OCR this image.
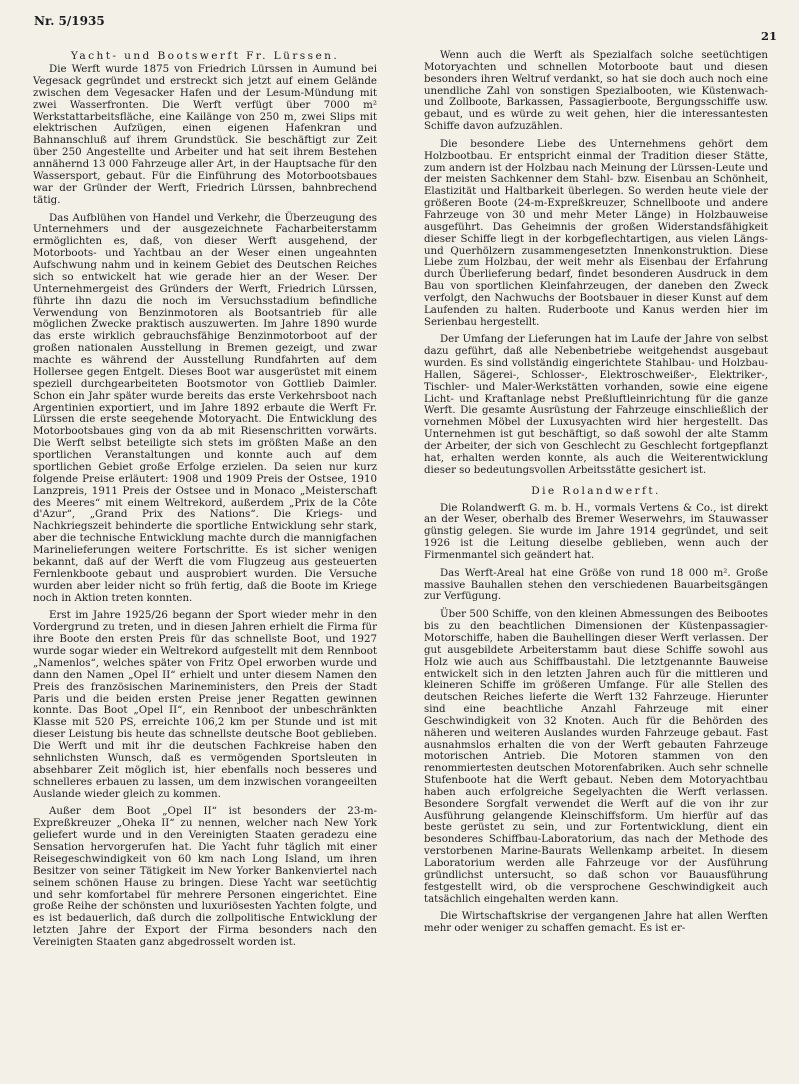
Nr. 5/1935
21
Yacht- und Bootswerft Fr. Lürssen.

Die Werft wurde 1875 von Friedrich Lürssen in Aumund bei Vegesack gegründet und erstreckt sich jetzt auf einem Gelände zwischen dem Vegesacker Hafen und der Lesum-Mündung mit zwei Wasserfronten. Die Werft verfügt über 7000 m² Werkstattarbeitsfläche, eine Kailänge von 250 m, zwei Slips mit elektrischen Aufzügen, einen eigenen Hafenkran und Bahnanschluß auf ihrem Grundstück. Sie beschäftigt zur Zeit über 250 Angestellte und Arbeiter und hat seit ihrem Bestehen annähernd 13 000 Fahrzeuge aller Art, in der Hauptsache für den Wassersport, gebaut. Für die Einführung des Motorbootsbaues war der Gründer der Werft, Friedrich Lürssen, bahnbrechend tätig.

Das Aufblühen von Handel und Verkehr, die Überzeugung des Unternehmers und der ausgezeichnete Facharbeiterstamm ermöglichten es, daß, von dieser Werft ausgehend, der Motorboots- und Yachtbau an der Weser einen ungeahnten Aufschwung nahm und in keinem Gebiet des Deutschen Reiches sich so entwickelt hat wie gerade hier an der Weser. Der Unternehmergeist des Gründers der Werft, Friedrich Lürssen, führte ihn dazu die noch im Versuchsstadium befindliche Verwendung von Benzinmotoren als Bootsantrieb für alle möglichen Zwecke praktisch auszuwerten. Im Jahre 1890 wurde das erste wirklich gebrauchsfähige Benzinmotorboot auf der großen nationalen Ausstellung in Bremen gezeigt, und zwar machte es während der Ausstellung Rundfahrten auf dem Hollersee gegen Entgelt. Dieses Boot war ausgerüstet mit einem speziell durchgearbeiteten Bootsmotor von Gottlieb Daimler. Schon ein Jahr später wurde bereits das erste Verkehrsboot nach Argentinien exportiert, und im Jahre 1892 erbaute die Werft Fr. Lürssen die erste seegehende Motoryacht. Die Entwicklung des Motorbootsbaues ging von da ab mit Riesenschritten vorwärts. Die Werft selbst beteiligte sich stets im größten Maße an den sportlichen Veranstaltungen und konnte auch auf dem sportlichen Gebiet große Erfolge erzielen. Da seien nur kurz folgende Preise erläutert: 1908 und 1909 Preis der Ostsee, 1910 Lanzpreis, 1911 Preis der Ostsee und in Monaco „Meisterschaft des Meeres“ mit einem Weltrekord, außerdem „Prix de la Côte d'Azur“, „Grand Prix des Nations“. Die Kriegs- und Nachkriegszeit behinderte die sportliche Entwicklung sehr stark, aber die technische Entwicklung machte durch die mannigfachen Marinelieferungen weitere Fortschritte. Es ist sicher wenigen bekannt, daß auf der Werft die vom Flugzeug aus gesteuerten Fernlenkboote gebaut und ausprobiert wurden. Die Versuche wurden aber leider nicht so früh fertig, daß die Boote im Kriege noch in Aktion treten konnten.

Erst im Jahre 1925/26 begann der Sport wieder mehr in den Vordergrund zu treten, und in diesen Jahren erhielt die Firma für ihre Boote den ersten Preis für das schnellste Boot, und 1927 wurde sogar wieder ein Weltrekord aufgestellt mit dem Rennboot „Namenlos“, welches später von Fritz Opel erworben wurde und dann den Namen „Opel II“ erhielt und unter diesem Namen den Preis des französischen Marineministers, den Preis der Stadt Paris und die beiden ersten Preise jener Regatten gewinnen konnte. Das Boot „Opel II“, ein Rennboot der unbeschränkten Klasse mit 520 PS, erreichte 106,2 km per Stunde und ist mit dieser Leistung bis heute das schnellste deutsche Boot geblieben. Die Werft und mit ihr die deutschen Fachkreise haben den sehnlichsten Wunsch, daß es vermögenden Sportsleuten in absehbarer Zeit möglich ist, hier ebenfalls noch besseres und schnelleres erbauen zu lassen, um dem inzwischen vorangeeilten Auslande wieder gleich zu kommen.

Außer dem Boot „Opel II“ ist besonders der 23-m-Expreßkreuzer „Oheka II“ zu nennen, welcher nach New York geliefert wurde und in den Vereinigten Staaten geradezu eine Sensation hervorgerufen hat. Die Yacht fuhr täglich mit einer Reisegeschwindigkeit von 60 km nach Long Island, um ihren Besitzer von seiner Tätigkeit im New Yorker Bankenviertel nach seinem schönen Hause zu bringen. Diese Yacht war seetüchtig und sehr komfortabel für mehrere Personen eingerichtet. Eine große Reihe der schönsten und luxuriösesten Yachten folgte, und es ist bedauerlich, daß durch die zollpolitische Entwicklung der letzten Jahre der Export der Firma besonders nach den Vereinigten Staaten ganz abgedrosselt worden ist.

Wenn auch die Werft als Spezialfach solche seetüchtigen Motoryachten und schnellen Motorboote baut und diesen besonders ihren Weltruf verdankt, so hat sie doch auch noch eine unendliche Zahl von sonstigen Spezialbooten, wie Küstenwach- und Zollboote, Barkassen, Passagierboote, Bergungsschiffe usw. gebaut, und es würde zu weit gehen, hier die interessantesten Schiffe davon aufzuzählen.

Die besondere Liebe des Unternehmens gehört dem Holzbootbau. Er entspricht einmal der Tradition dieser Stätte, zum andern ist der Holzbau nach Meinung der Lürssen-Leute und der meisten Sachkenner dem Stahl- bzw. Eisenbau an Schönheit, Elastizität und Haltbarkeit überlegen. So werden heute viele der größeren Boote (24-m-Expreßkreuzer, Schnellboote und andere Fahrzeuge von 30 und mehr Meter Länge) in Holzbauweise ausgeführt. Das Geheimnis der großen Widerstandsfähigkeit dieser Schiffe liegt in der korbgeflechtartigen, aus vielen Längs- und Querhölzern zusammengesetzten Innenkonstruktion. Diese Liebe zum Holzbau, der weit mehr als Eisenbau der Erfahrung durch Überlieferung bedarf, findet besonderen Ausdruck in dem Bau von sportlichen Kleinfahrzeugen, der daneben den Zweck verfolgt, den Nachwuchs der Bootsbauer in dieser Kunst auf dem Laufenden zu halten. Ruderboote und Kanus werden hier im Serienbau hergestellt.

Der Umfang der Lieferungen hat im Laufe der Jahre von selbst dazu geführt, daß alle Nebenbetriebe weitgehendst ausgebaut wurden. Es sind vollständig eingerichtete Stahlbau- und Holzbau-Hallen, Sägerei-, Schlosser-, Elektroschweißer-, Elektriker-, Tischler- und Maler-Werkstätten vorhanden, sowie eine eigene Licht- und Kraftanlage nebst Preßluftleinrichtung für die ganze Werft. Die gesamte Ausrüstung der Fahrzeuge einschließlich der vornehmen Möbel der Luxusyachten wird hier hergestellt. Das Unternehmen ist gut beschäftigt, so daß sowohl der alte Stamm der Arbeiter, der sich von Geschlecht zu Geschlecht fortgepflanzt hat, erhalten werden konnte, als auch die Weiterentwicklung dieser so bedeutungsvollen Arbeitsstätte gesichert ist.

Die Rolandwerft.

Die Rolandwerft G. m. b. H., vormals Vertens & Co., ist direkt an der Weser, oberhalb des Bremer Weserwehrs, im Stauwasser günstig gelegen. Sie wurde im Jahre 1914 gegründet, und seit 1926 ist die Leitung dieselbe geblieben, wenn auch der Firmenmantel sich geändert hat.

Das Werft-Areal hat eine Größe von rund 18 000 m². Große massive Bauhallen stehen den verschiedenen Bauarbeitsgängen zur Verfügung.

Über 500 Schiffe, von den kleinen Abmessungen des Beibootes bis zu den beachtlichen Dimensionen der Küstenpassagier-Motorschiffe, haben die Bauhellingen dieser Werft verlassen. Der gut ausgebildete Arbeiterstamm baut diese Schiffe sowohl aus Holz wie auch aus Schiffbaustahl. Die letztgenannte Bauweise entwickelt sich in den letzten Jahren auch für die mittleren und kleineren Schiffe im größeren Umfange. Für alle Stellen des deutschen Reiches lieferte die Werft 132 Fahrzeuge. Hierunter sind eine beachtliche Anzahl Fahrzeuge mit einer Geschwindigkeit von 32 Knoten. Auch für die Behörden des näheren und weiteren Auslandes wurden Fahrzeuge gebaut. Fast ausnahmslos erhalten die von der Werft gebauten Fahrzeuge motorischen Antrieb. Die Motoren stammen von den renommiertesten deutschen Motorenfabriken. Auch sehr schnelle Stufenboote hat die Werft gebaut. Neben dem Motoryachtbau haben auch erfolgreiche Segelyachten die Werft verlassen. Besondere Sorgfalt verwendet die Werft auf die von ihr zur Ausführung gelangende Kleinschiffsform. Um hierfür auf das beste gerüstet zu sein, und zur Fortentwicklung, dient ein besonderes Schiffbau-Laboratorium, das nach der Methode des verstorbenen Marine-Baurats Wellenkamp arbeitet. In diesem Laboratorium werden alle Fahrzeuge vor der Ausführung gründlichst untersucht, so daß schon vor Bauausführung festgestellt wird, ob die versprochene Geschwindigkeit auch tatsächlich eingehalten werden kann.

Die Wirtschaftskrise der vergangenen Jahre hat allen Werften mehr oder weniger zu schaffen gemacht. Es ist er-
